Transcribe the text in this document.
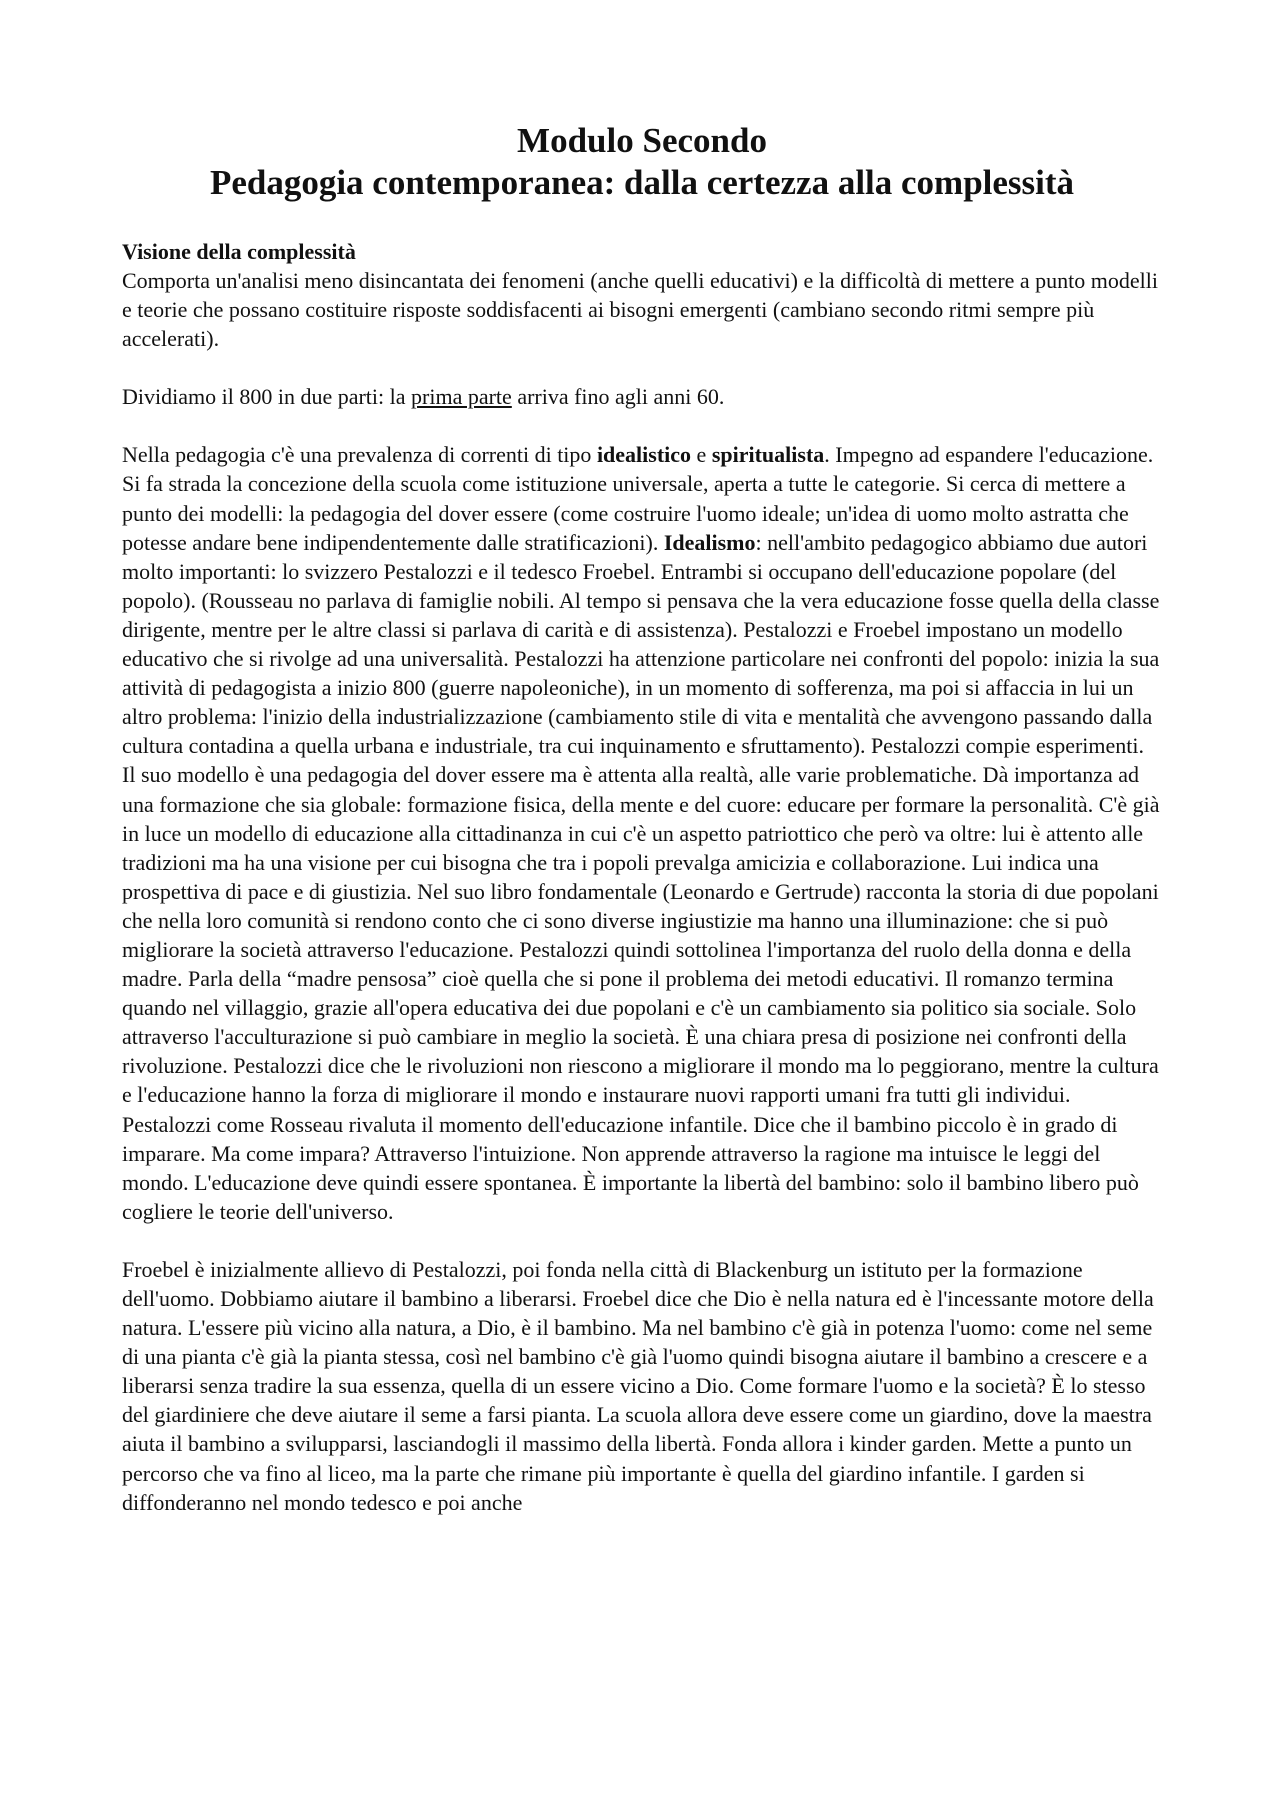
Modulo Secondo
Pedagogia contemporanea: dalla certezza alla complessità
Visione della complessità

Comporta un'analisi meno disincantata dei fenomeni (anche quelli educativi) e la difficoltà di mettere a punto modelli e teorie che possano costituire risposte soddisfacenti ai bisogni emergenti (cambiano secondo ritmi sempre più accelerati).

Dividiamo il 800 in due parti: la prima parte arriva fino agli anni 60.

Nella pedagogia c'è una prevalenza di correnti di tipo idealistico e spiritualista. Impegno ad espandere l'educazione. Si fa strada la concezione della scuola come istituzione universale, aperta a tutte le categorie. Si cerca di mettere a punto dei modelli: la pedagogia del dover essere (come costruire l'uomo ideale; un'idea di uomo molto astratta che potesse andare bene indipendentemente dalle stratificazioni). Idealismo: nell'ambito pedagogico abbiamo due autori molto importanti: lo svizzero Pestalozzi e il tedesco Froebel. Entrambi si occupano dell'educazione popolare (del popolo). (Rousseau no parlava di famiglie nobili. Al tempo si pensava che la vera educazione fosse quella della classe dirigente, mentre per le altre classi si parlava di carità e di assistenza). Pestalozzi e Froebel impostano un modello educativo che si rivolge ad una universalità. Pestalozzi ha attenzione particolare nei confronti del popolo: inizia la sua attività di pedagogista a inizio 800 (guerre napoleoniche), in un momento di sofferenza, ma poi si affaccia in lui un altro problema: l'inizio della industrializzazione (cambiamento stile di vita e mentalità che avvengono passando dalla cultura contadina a quella urbana e industriale, tra cui inquinamento e sfruttamento). Pestalozzi compie esperimenti. Il suo modello è una pedagogia del dover essere ma è attenta alla realtà, alle varie problematiche. Dà importanza ad una formazione che sia globale: formazione fisica, della mente e del cuore: educare per formare la personalità. C'è già in luce un modello di educazione alla cittadinanza in cui c'è un aspetto patriottico che però va oltre: lui è attento alle tradizioni ma ha una visione per cui bisogna che tra i popoli prevalga amicizia e collaborazione. Lui indica una prospettiva di pace e di giustizia. Nel suo libro fondamentale (Leonardo e Gertrude) racconta la storia di due popolani che nella loro comunità si rendono conto che ci sono diverse ingiustizie ma hanno una illuminazione: che si può migliorare la società attraverso l'educazione. Pestalozzi quindi sottolinea l'importanza del ruolo della donna e della madre. Parla della “madre pensosa” cioè quella che si pone il problema dei metodi educativi. Il romanzo termina quando nel villaggio, grazie all'opera educativa dei due popolani e c'è un cambiamento sia politico sia sociale. Solo attraverso l'acculturazione si può cambiare in meglio la società. È una chiara presa di posizione nei confronti della rivoluzione. Pestalozzi dice che le rivoluzioni non riescono a migliorare il mondo ma lo peggiorano, mentre la cultura e l'educazione hanno la forza di migliorare il mondo e instaurare nuovi rapporti umani fra tutti gli individui. Pestalozzi come Rosseau rivaluta il momento dell'educazione infantile. Dice che il bambino piccolo è in grado di imparare. Ma come impara? Attraverso l'intuizione. Non apprende attraverso la ragione ma intuisce le leggi del mondo. L'educazione deve quindi essere spontanea. È importante la libertà del bambino: solo il bambino libero può cogliere le teorie dell'universo.

Froebel è inizialmente allievo di Pestalozzi, poi fonda nella città di Blackenburg un istituto per la formazione dell'uomo. Dobbiamo aiutare il bambino a liberarsi. Froebel dice che Dio è nella natura ed è l'incessante motore della natura. L'essere più vicino alla natura, a Dio, è il bambino. Ma nel bambino c'è già in potenza l'uomo: come nel seme di una pianta c'è già la pianta stessa, così nel bambino c'è già l'uomo quindi bisogna aiutare il bambino a crescere e a liberarsi senza tradire la sua essenza, quella di un essere vicino a Dio. Come formare l'uomo e la società? È lo stesso del giardiniere che deve aiutare il seme a farsi pianta. La scuola allora deve essere come un giardino, dove la maestra aiuta il bambino a svilupparsi, lasciandogli il massimo della libertà. Fonda allora i kinder garden. Mette a punto un percorso che va fino al liceo, ma la parte che rimane più importante è quella del giardino infantile. I garden si diffonderanno nel mondo tedesco e poi anche
